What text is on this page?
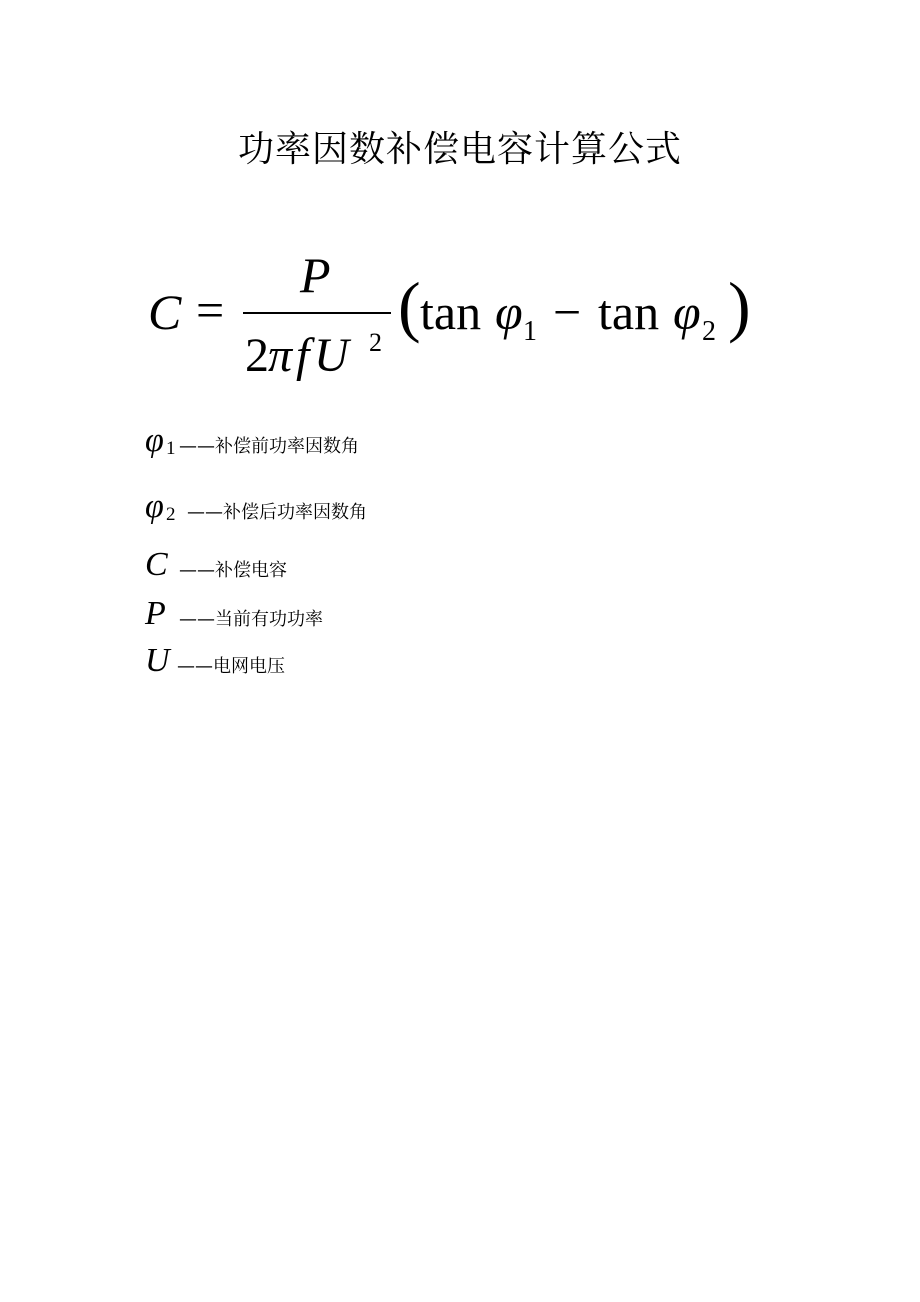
功率因数补偿电容计算公式
C =
P
2 π f U 2 ( tan φ 1 − tan φ 2 )
φ 1 ——补偿前功率因数角
φ 2 ——补偿后功率因数角
C ——补偿电容
P ——当前有功功率
U ——电网电压
